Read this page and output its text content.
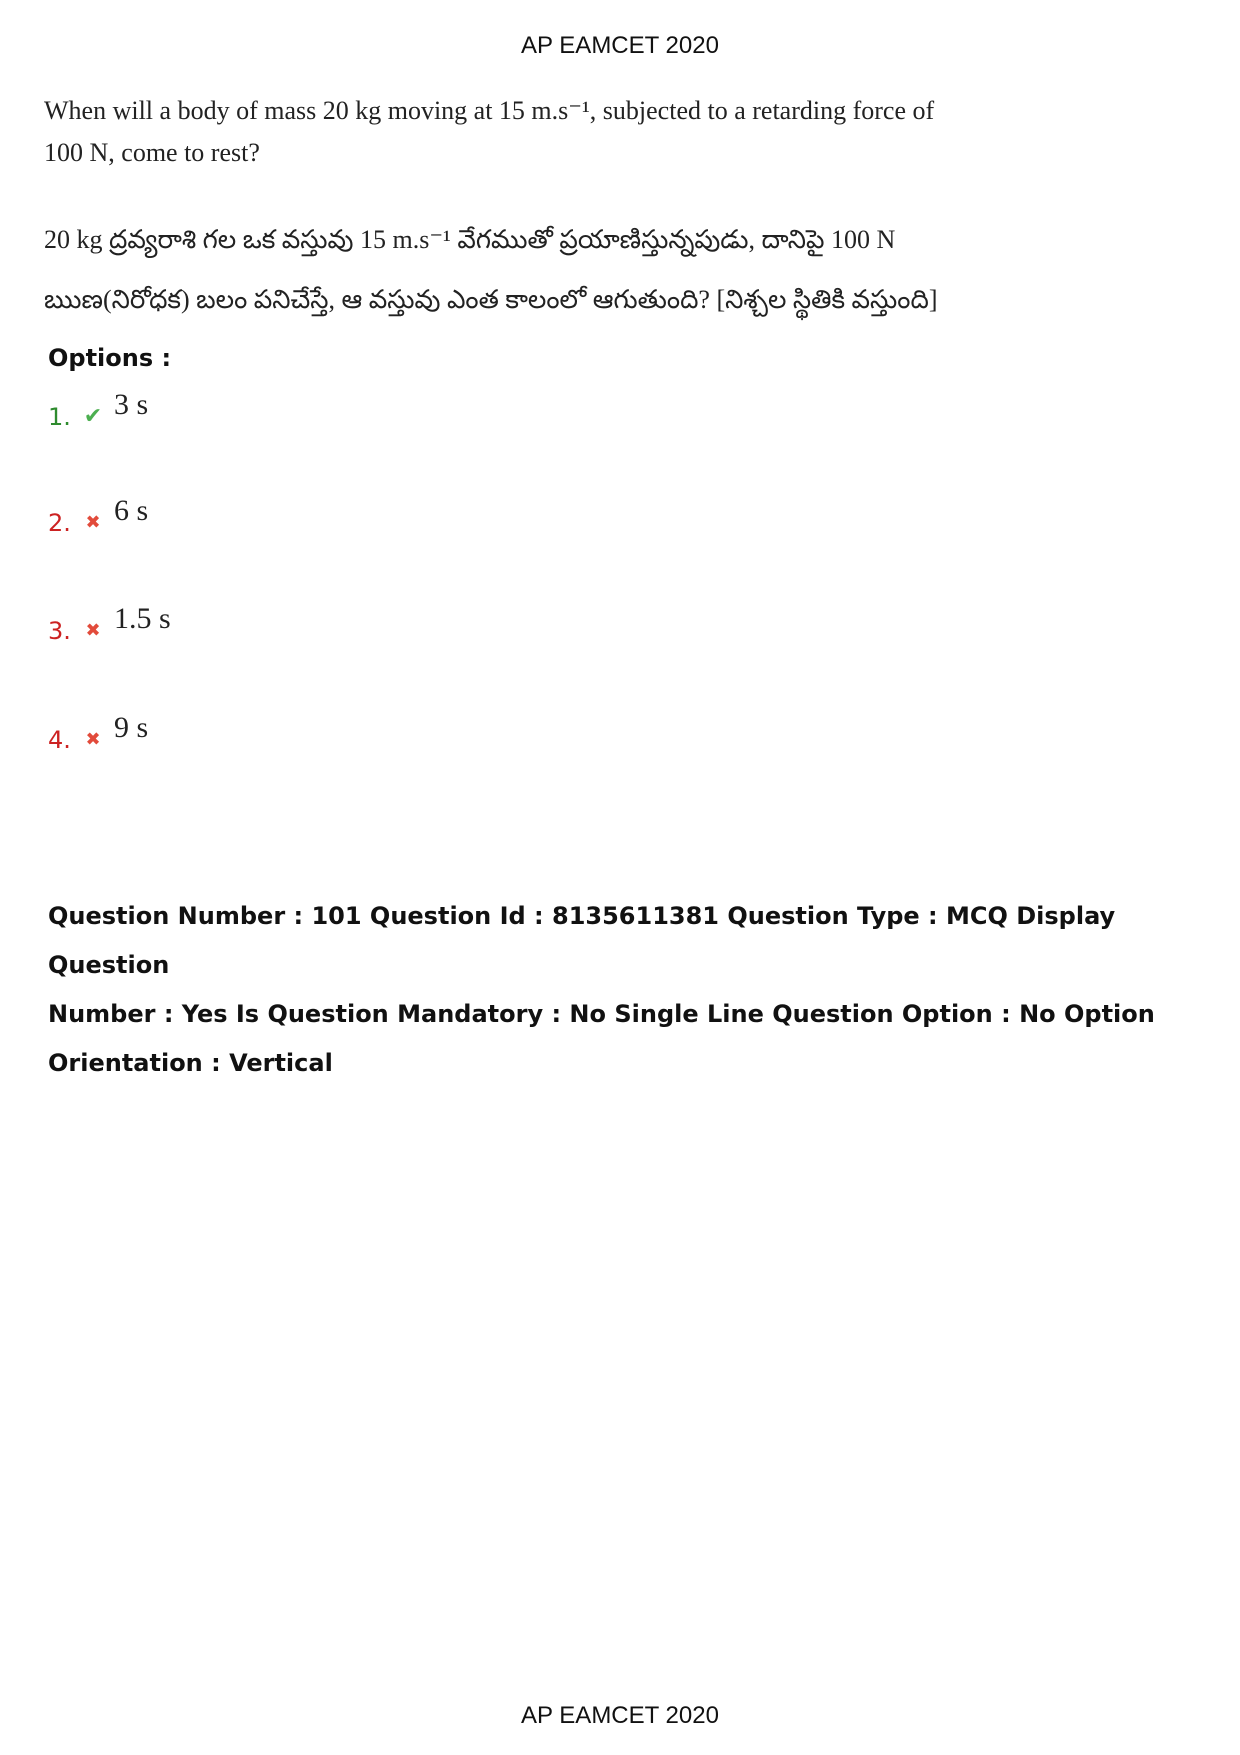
AP EAMCET 2020

When will a body of mass 20 kg moving at 15 m.s⁻¹, subjected to a retarding force of

100 N, come to rest?

20 kg ద్రవ్యరాశి గల ఒక వస్తువు 15 m.s⁻¹ వేగముతో ప్రయాణిస్తున్నపుడు, దానిపై 100 N

ఋణ(నిరోధక) బలం పనిచేస్తే, ఆ వస్తువు ఎంత కాలంలో ఆగుతుంది? [నిశ్చల స్థితికి వస్తుంది]

Options :
1. ✔ 3 s
2. ✖ 6 s
3. ✖ 1.5 s
4. ✖ 9 s
Question Number : 101 Question Id : 8135611381 Question Type : MCQ Display Question
Number : Yes Is Question Mandatory : No Single Line Question Option : No Option
Orientation : Vertical
AP EAMCET 2020
